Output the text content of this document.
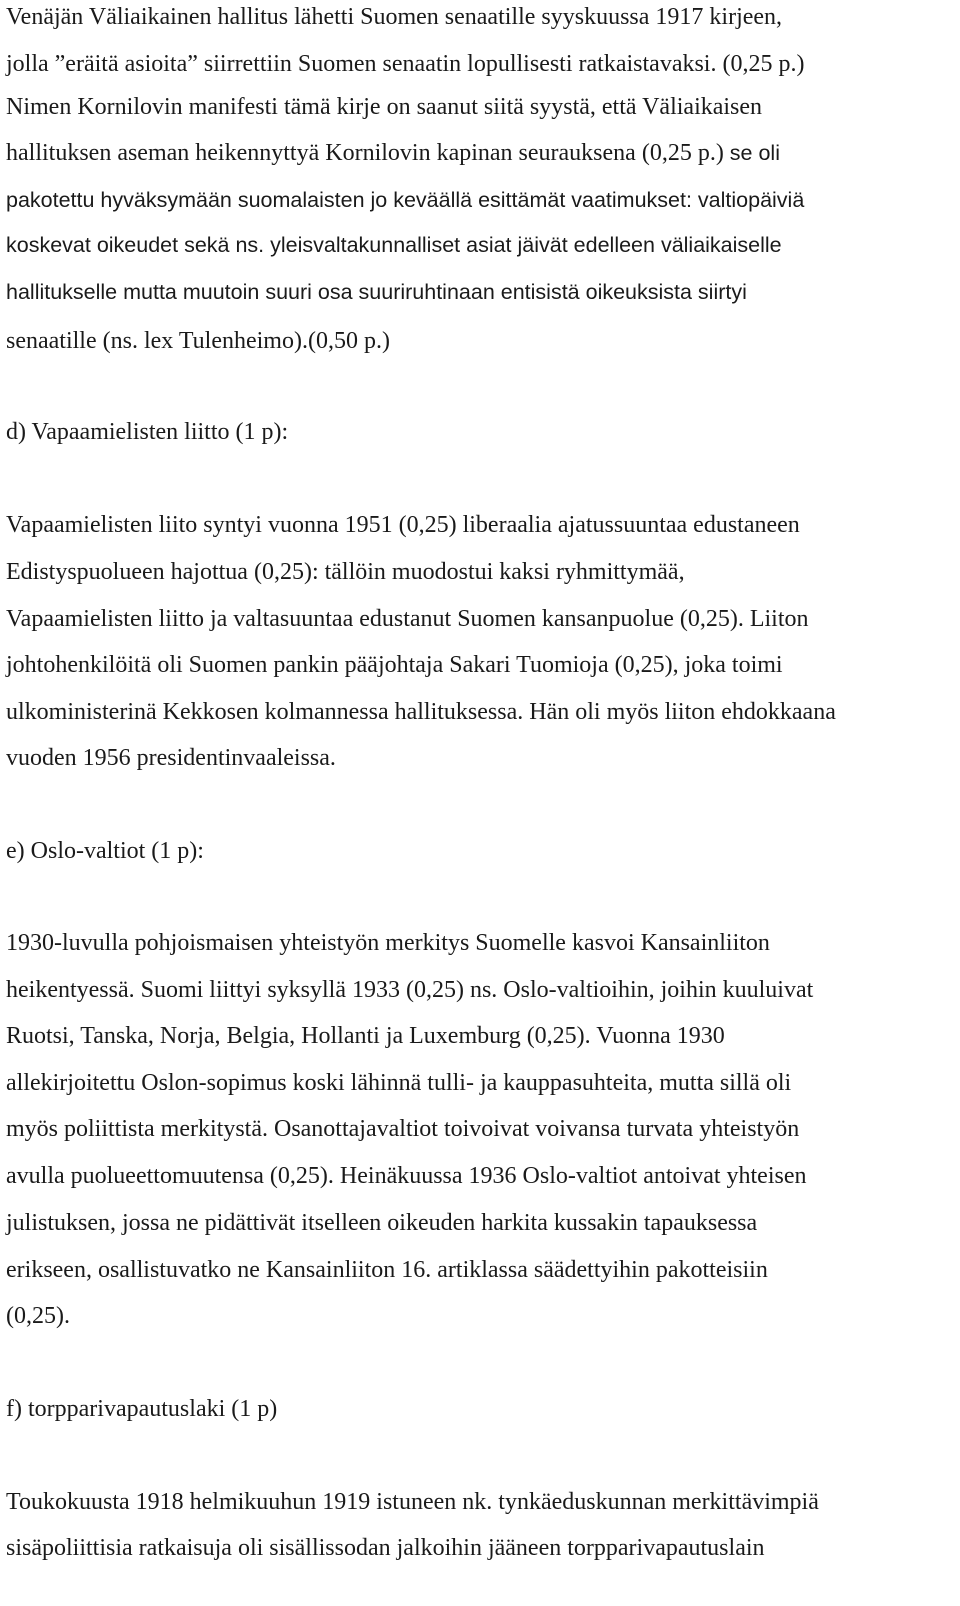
Venäjän Väliaikainen hallitus lähetti Suomen senaatille syyskuussa 1917 kirjeen,
jolla ”eräitä asioita” siirrettiin Suomen senaatin lopullisesti ratkaistavaksi. (0,25 p.)
Nimen Kornilovin manifesti tämä kirje on saanut siitä syystä, että Väliaikaisen
hallituksen aseman heikennyttyä Kornilovin kapinan seurauksena (0,25 p.) se oli
pakotettu hyväksymään suomalaisten jo keväällä esittämät vaatimukset: valtiopäiviä
koskevat oikeudet sekä ns. yleisvaltakunnalliset asiat jäivät edelleen väliaikaiselle
hallitukselle mutta muutoin suuri osa suuriruhtinaan entisistä oikeuksista siirtyi
senaatille (ns. lex Tulenheimo).(0,50 p.)
d) Vapaamielisten liitto (1 p):
Vapaamielisten liito syntyi vuonna 1951 (0,25) liberaalia ajatussuuntaa edustaneen
Edistyspuolueen hajottua (0,25): tällöin muodostui kaksi ryhmittymää,
Vapaamielisten liitto ja valtasuuntaa edustanut Suomen kansanpuolue (0,25). Liiton
johtohenkilöitä oli Suomen pankin pääjohtaja Sakari Tuomioja (0,25), joka toimi
ulkoministerinä Kekkosen kolmannessa hallituksessa. Hän oli myös liiton ehdokkaana
vuoden 1956 presidentinvaaleissa.
e) Oslo-valtiot (1 p):
1930-luvulla pohjoismaisen yhteistyön merkitys Suomelle kasvoi Kansainliiton
heikentyessä. Suomi liittyi syksyllä 1933 (0,25) ns. Oslo-valtioihin, joihin kuuluivat
Ruotsi, Tanska, Norja, Belgia, Hollanti ja Luxemburg (0,25). Vuonna 1930
allekirjoitettu Oslon-sopimus koski lähinnä tulli- ja kauppasuhteita, mutta sillä oli
myös poliittista merkitystä. Osanottajavaltiot toivoivat voivansa turvata yhteistyön
avulla puolueettomuutensa (0,25). Heinäkuussa 1936 Oslo-valtiot antoivat yhteisen
julistuksen, jossa ne pidättivät itselleen oikeuden harkita kussakin tapauksessa
erikseen, osallistuvatko ne Kansainliiton 16. artiklassa säädettyihin pakotteisiin
(0,25).
f) torpparivapautuslaki (1 p)
Toukokuusta 1918 helmikuuhun 1919 istuneen nk. tynkäeduskunnan merkittävimpiä
sisäpoliittisia ratkaisuja oli sisällissodan jalkoihin jääneen torpparivapautuslain
